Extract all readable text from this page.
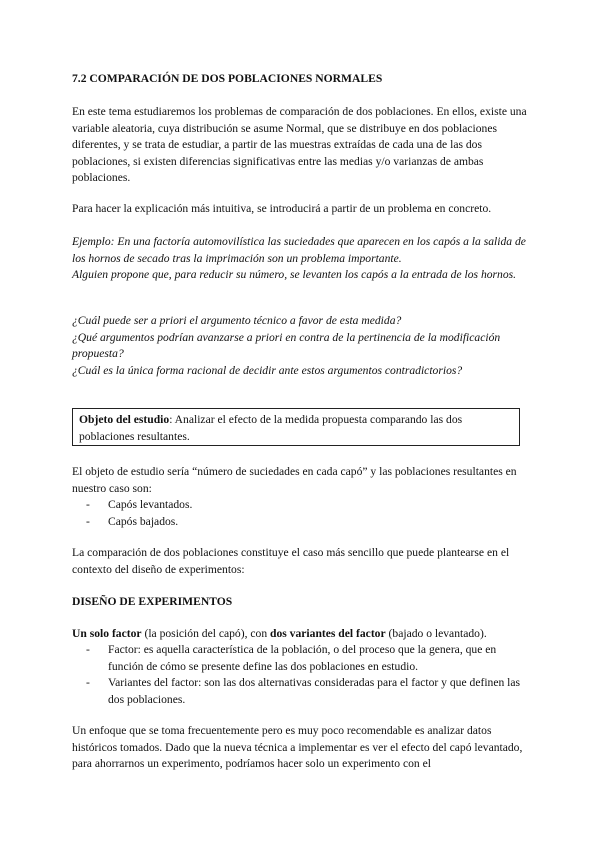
7.2 COMPARACIÓN DE DOS POBLACIONES NORMALES
En este tema estudiaremos los problemas de comparación de dos poblaciones. En ellos, existe una variable aleatoria, cuya distribución se asume Normal, que se distribuye en dos poblaciones diferentes, y se trata de estudiar, a partir de las muestras extraídas de cada una de las dos poblaciones, si existen diferencias significativas entre las medias y/o varianzas de ambas poblaciones.
Para hacer la explicación más intuitiva, se introducirá a partir de un problema en concreto.
Ejemplo: En una factoría automovilística las suciedades que aparecen en los capós a la salida de los hornos de secado tras la imprimación son un problema importante.
Alguien propone que, para reducir su número, se levanten los capós a la entrada de los hornos.
¿Cuál puede ser a priori el argumento técnico a favor de esta medida?
¿Qué argumentos podrían avanzarse a priori en contra de la pertinencia de la modificación propuesta?
¿Cuál es la única forma racional de decidir ante estos argumentos contradictorios?
Objeto del estudio: Analizar el efecto de la medida propuesta comparando las dos poblaciones resultantes.
El objeto de estudio sería “número de suciedades en cada capó” y las poblaciones resultantes en nuestro caso son:
-	Capós levantados.
-	Capós bajados.
La comparación de dos poblaciones constituye el caso más sencillo que puede plantearse en el contexto del diseño de experimentos:
DISEÑO DE EXPERIMENTOS
Un solo factor (la posición del capó), con dos variantes del factor (bajado o levantado).
-	Factor: es aquella característica de la población, o del proceso que la genera, que en función de cómo se presente define las dos poblaciones en estudio.
-	Variantes del factor: son las dos alternativas consideradas para el factor y que definen las dos poblaciones.
Un enfoque que se toma frecuentemente pero es muy poco recomendable es analizar datos históricos tomados. Dado que la nueva técnica a implementar es ver el efecto del capó levantado, para ahorrarnos un experimento, podríamos hacer solo un experimento con el
